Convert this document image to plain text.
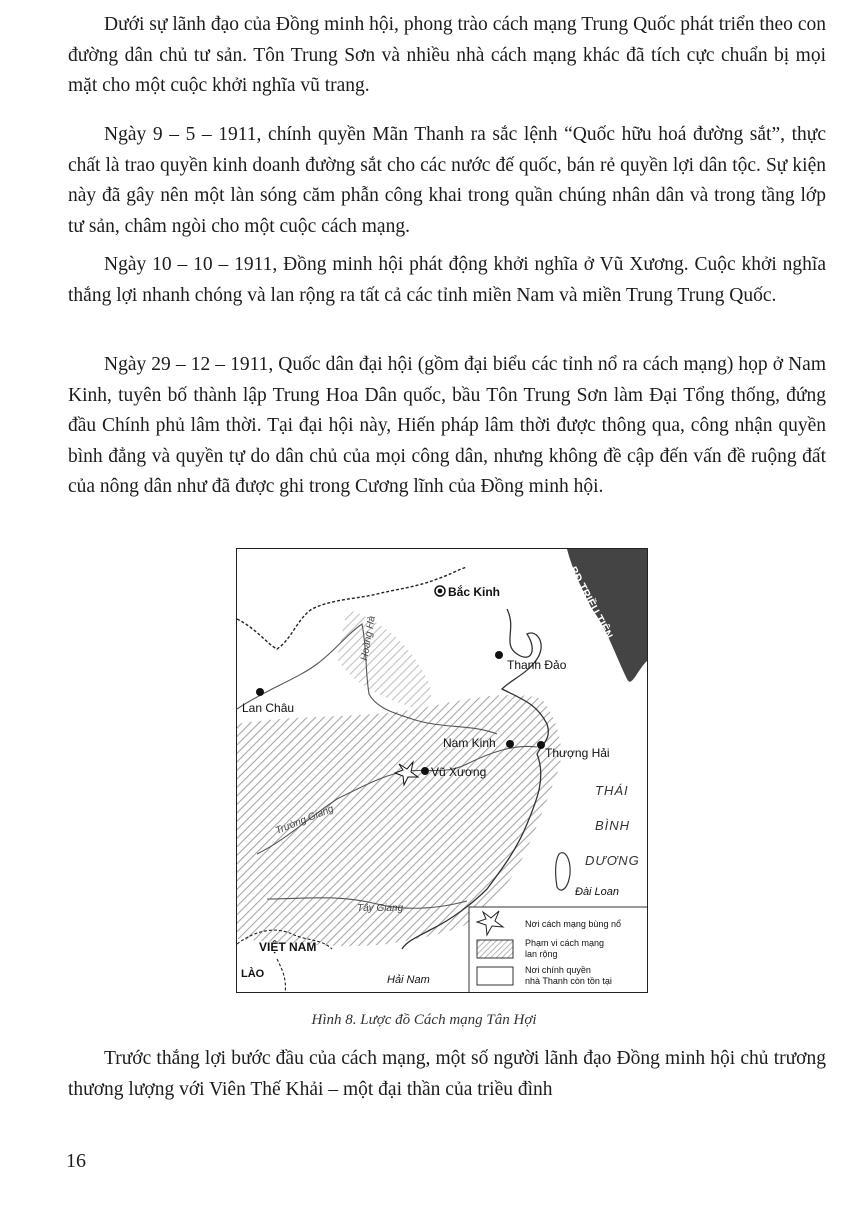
Dưới sự lãnh đạo của Đồng minh hội, phong trào cách mạng Trung Quốc phát triển theo con đường dân chủ tư sản. Tôn Trung Sơn và nhiều nhà cách mạng khác đã tích cực chuẩn bị mọi mặt cho một cuộc khởi nghĩa vũ trang.

Ngày 9 – 5 – 1911, chính quyền Mãn Thanh ra sắc lệnh “Quốc hữu hoá đường sắt”, thực chất là trao quyền kinh doanh đường sắt cho các nước đế quốc, bán rẻ quyền lợi dân tộc. Sự kiện này đã gây nên một làn sóng căm phẫn công khai trong quần chúng nhân dân và trong tầng lớp tư sản, châm ngòi cho một cuộc cách mạng.

Ngày 10 – 10 – 1911, Đồng minh hội phát động khởi nghĩa ở Vũ Xương. Cuộc khởi nghĩa thắng lợi nhanh chóng và lan rộng ra tất cả các tỉnh miền Nam và miền Trung Trung Quốc.

Ngày 29 – 12 – 1911, Quốc dân đại hội (gồm đại biểu các tỉnh nổ ra cách mạng) họp ở Nam Kinh, tuyên bố thành lập Trung Hoa Dân quốc, bầu Tôn Trung Sơn làm Đại Tổng thống, đứng đầu Chính phủ lâm thời. Tại đại hội này, Hiến pháp lâm thời được thông qua, công nhận quyền bình đẳng và quyền tự do dân chủ của mọi công dân, nhưng không đề cập đến vấn đề ruộng đất của nông dân như đã được ghi trong Cương lĩnh của Đồng minh hội.

Bắc Kinh
Thanh Đảo
Lan Châu
Nam Kinh
Thượng Hải
Vũ Xương
Hoàng Hà
Trường Giang
Tây Giang
BĐ TRIỀU TIÊN
THÁI
BÌNH
DƯƠNG
Đài Loan
Hải Nam
VIỆT NAM
LÀO
Nơi cách mạng bùng nổ
Phạm vi cách mạng
lan rộng
Nơi chính quyền
nhà Thanh còn tồn tại

Hình 8. Lược đồ Cách mạng Tân Hợi

Trước thắng lợi bước đầu của cách mạng, một số người lãnh đạo Đồng minh hội chủ trương thương lượng với Viên Thế Khải – một đại thần của triều đình

16
